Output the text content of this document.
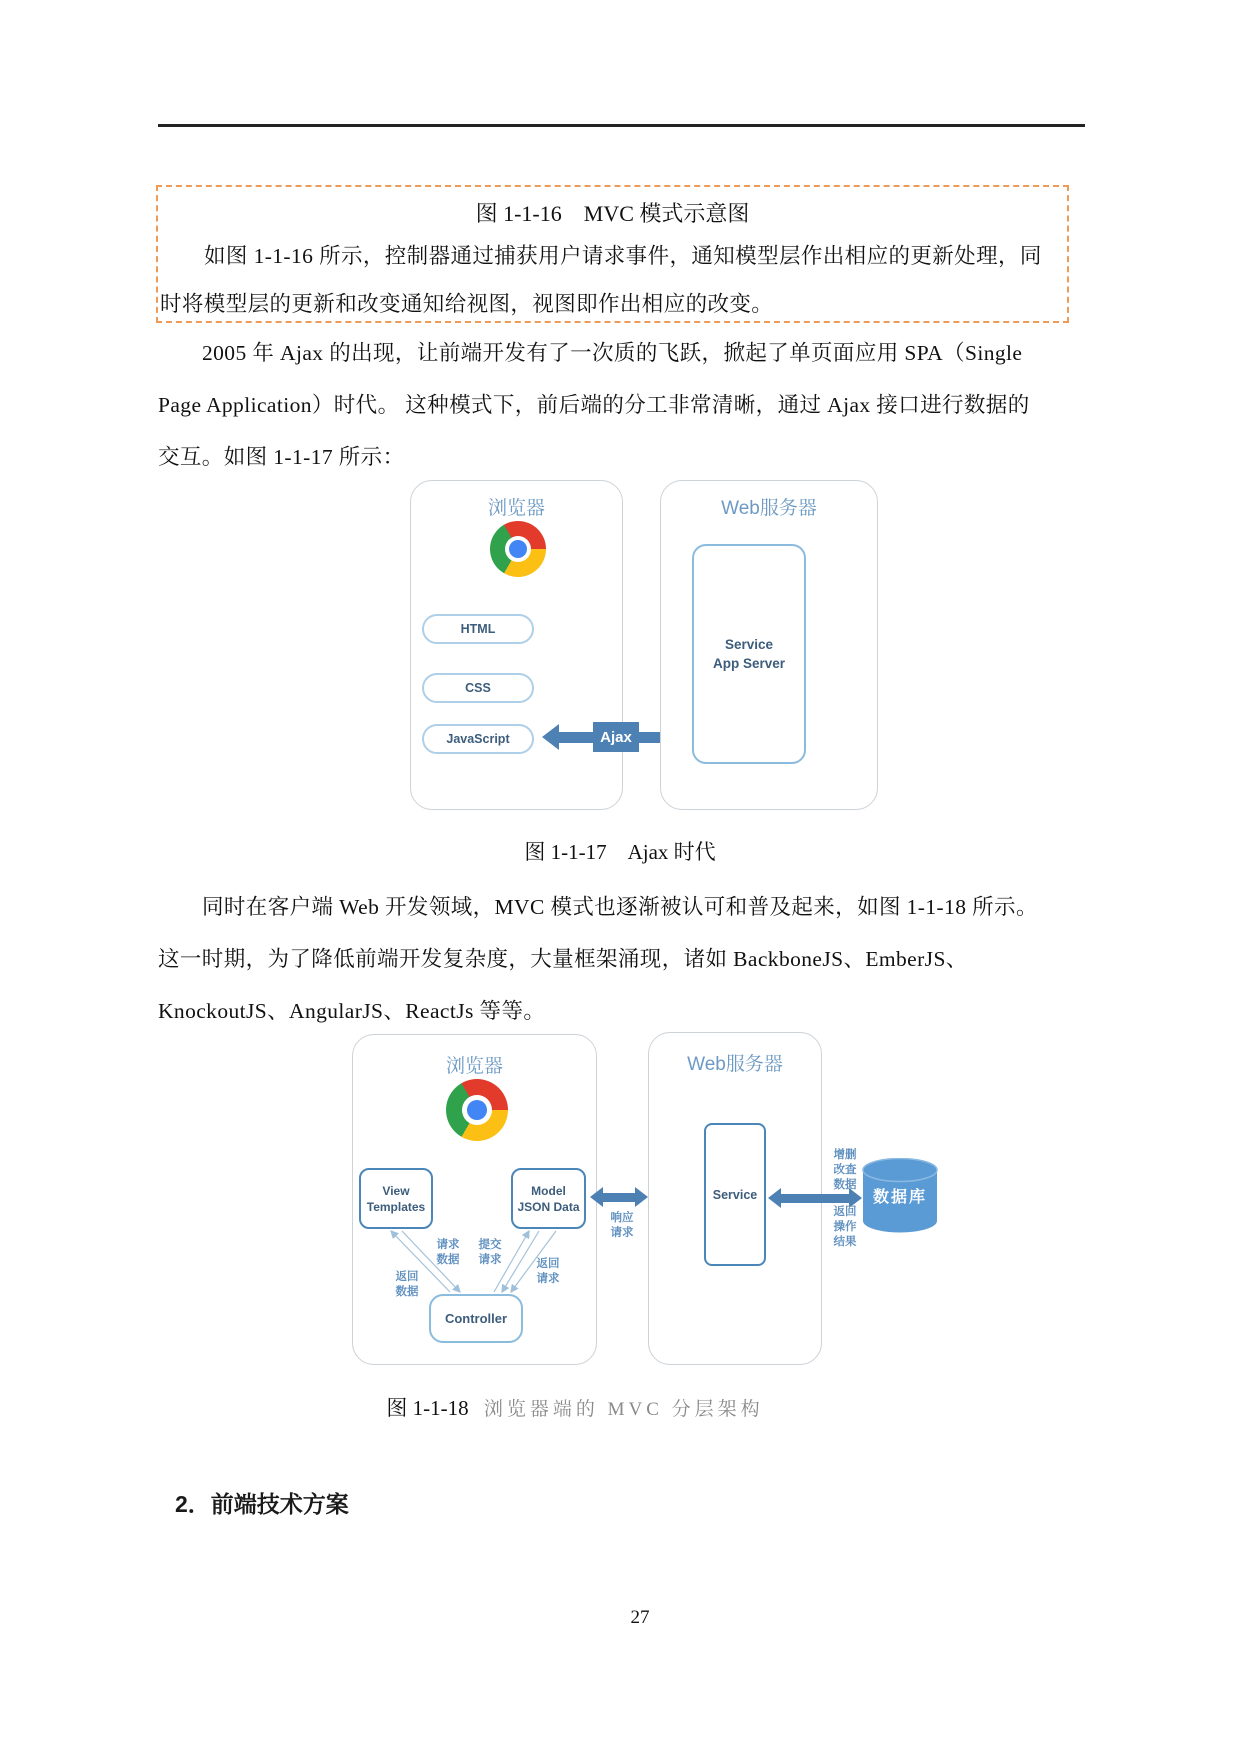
图 1-1-16　MVC 模式示意图
如图 1-1-16 所示，控制器通过捕获用户请求事件，通知模型层作出相应的更新处理，同
时将模型层的更新和改变通知给视图，视图即作出相应的改变。
2005 年 Ajax 的出现，让前端开发有了一次质的飞跃，掀起了单页面应用 SPA（Single
Page Application）时代。 这种模式下，前后端的分工非常清晰，通过 Ajax 接口进行数据的
交互。如图 1-1-17 所示：
浏览器
HTML
CSS
JavaScript	Ajax
Web服务器
Service
App Server
图 1-1-17　Ajax 时代
同时在客户端 Web 开发领域，MVC 模式也逐渐被认可和普及起来，如图 1-1-18 所示。
这一时期，为了降低前端开发复杂度，大量框架涌现，诸如 BackboneJS、EmberJS、
KnockoutJS、AngularJS、ReactJs 等等。
浏览器
View
Templates
Model
JSON Data
Controller
请求
数据
提交
请求
返回
数据
返回
请求
响应
请求
Web服务器
Service
增删
改查
数据
返回
操作
结果
数据库
图 1-1-18 浏览器端的 MVC 分层架构
2．前端技术方案
27
